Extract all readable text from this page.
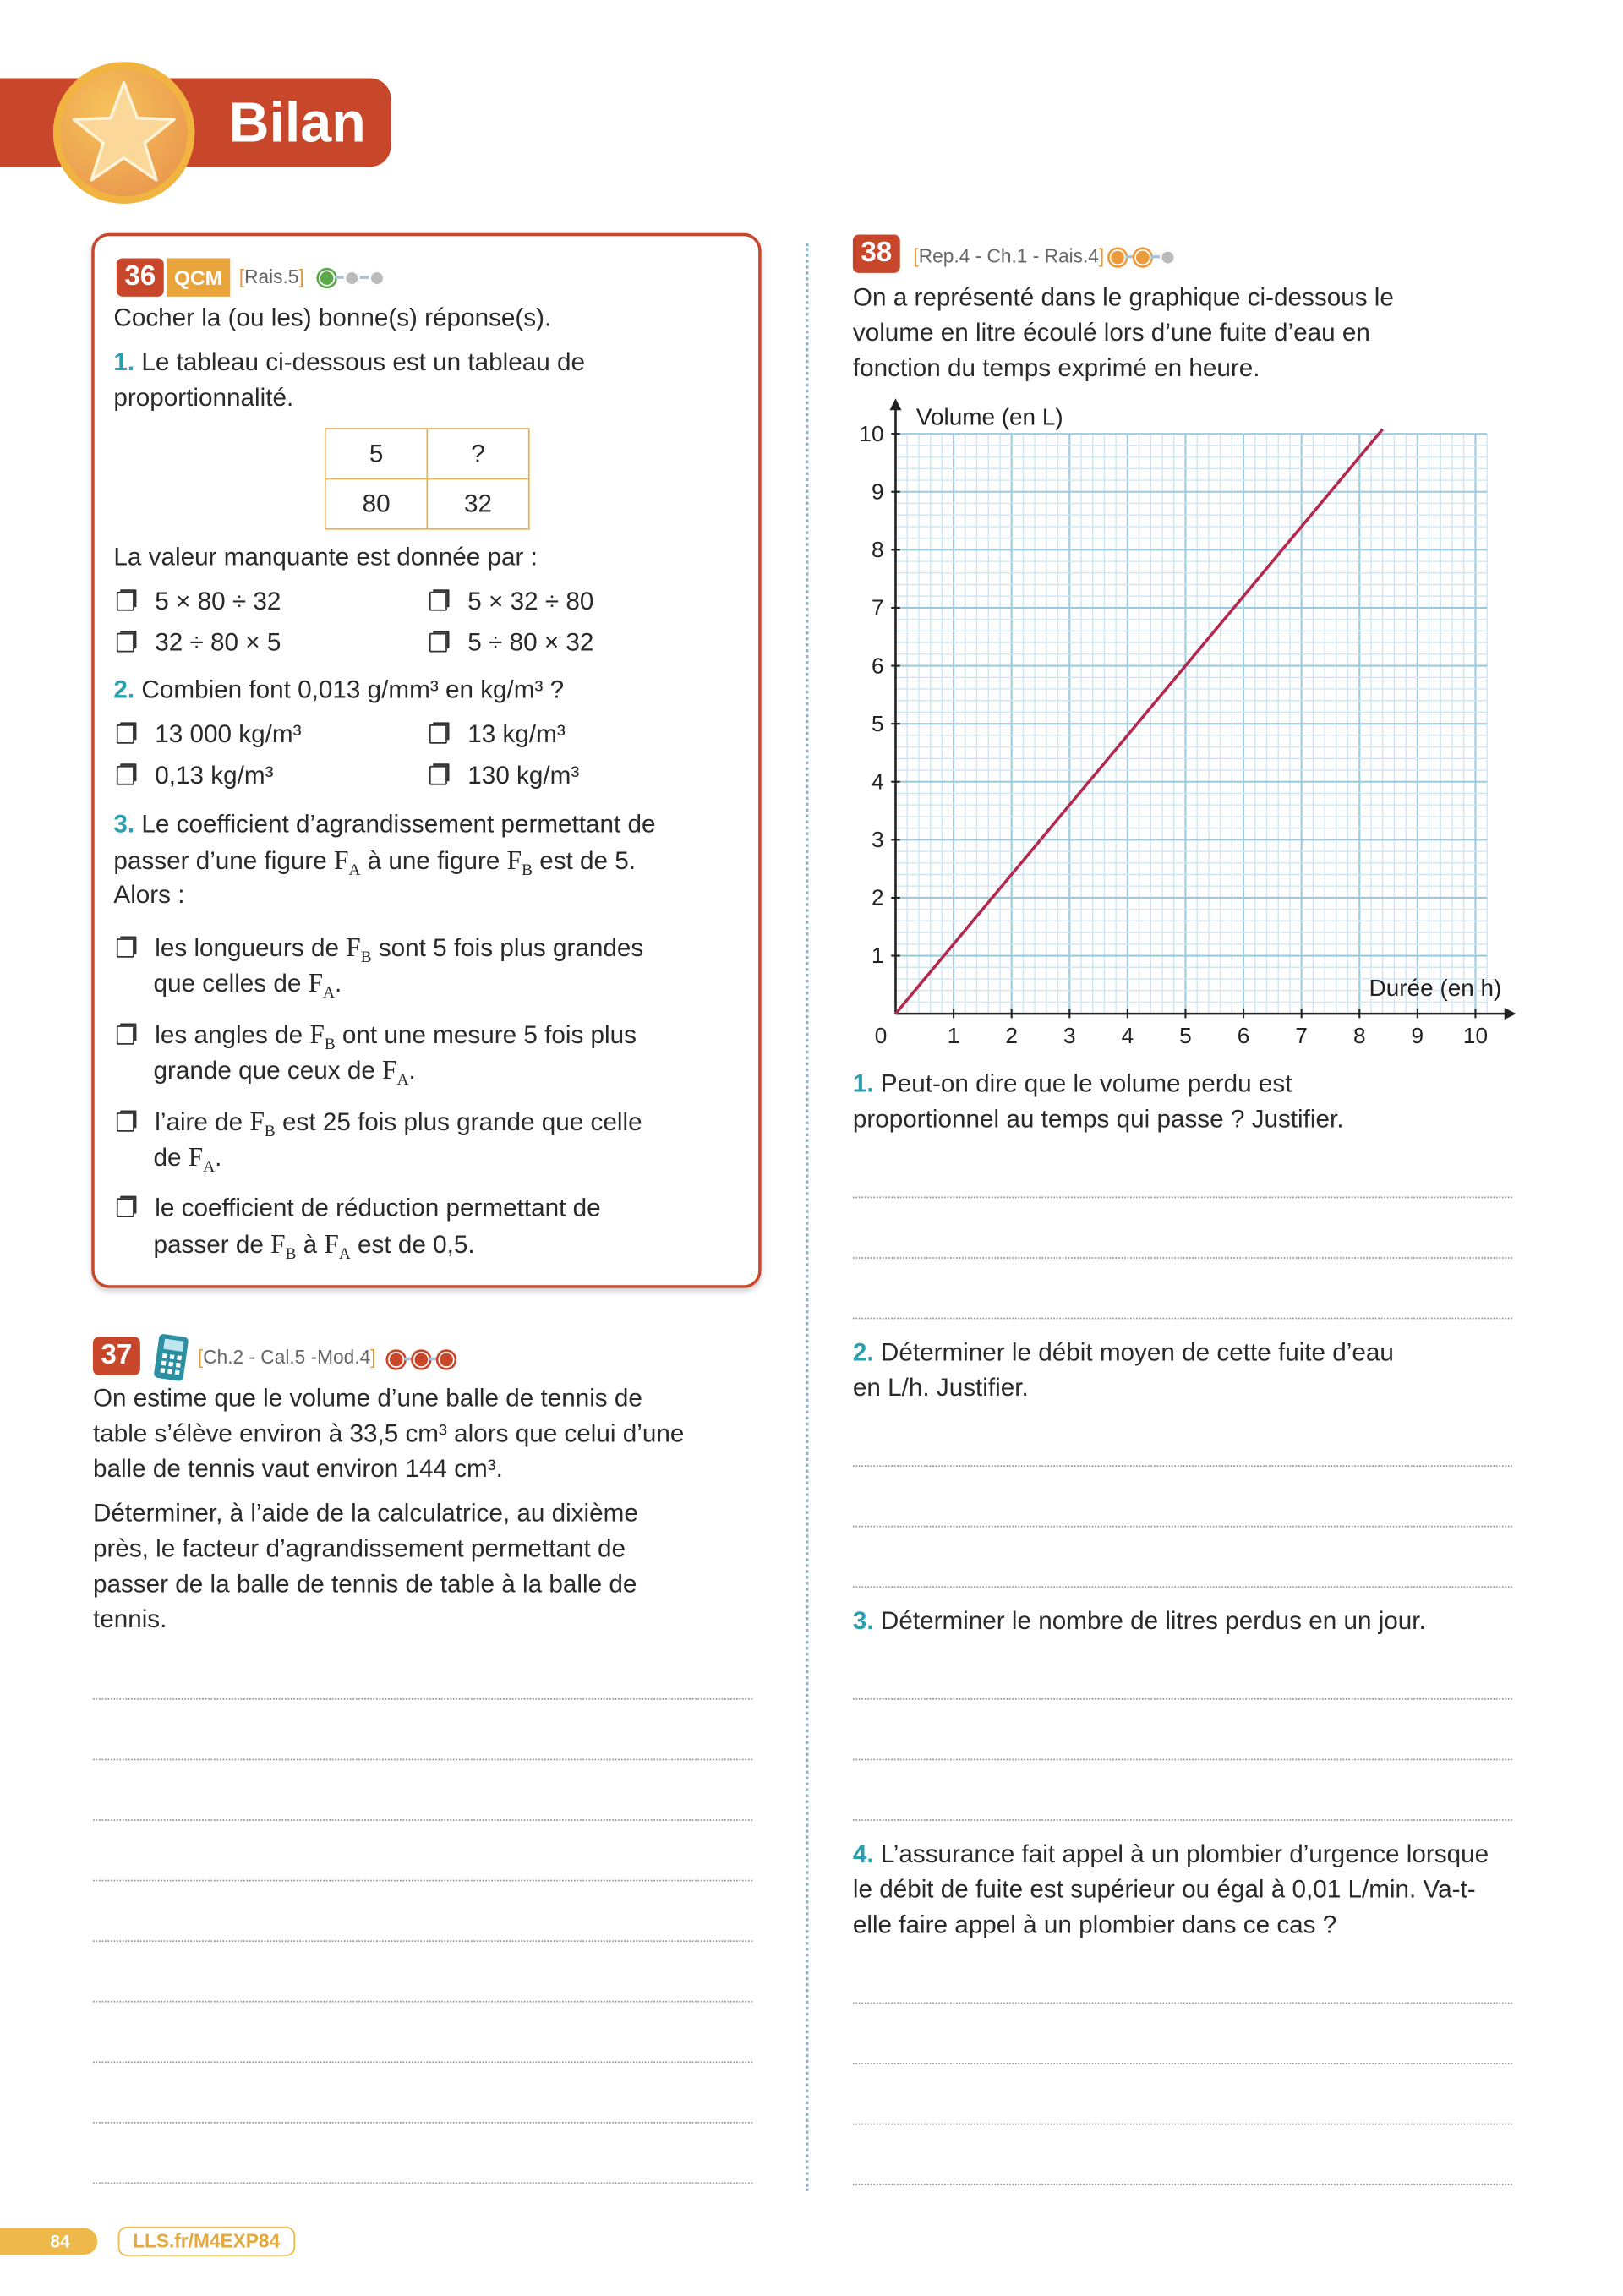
Bilan
36	QCM	[Rais.5]
Cocher la (ou les) bonne(s) réponse(s).
1. Le tableau ci-dessous est un tableau de
proportionnalité.
5	?
80	32
La valeur manquante est donnée par :
5 × 80 ÷ 32	5 × 32 ÷ 80
32 ÷ 80 × 5	5 ÷ 80 × 32
2. Combien font 0,013 g/mm³ en kg/m³ ?
13 000 kg/m³	13 kg/m³
0,13 kg/m³	130 kg/m³
3. Le coefficient d’agrandissement permettant de
passer d’une figure $F_A$ à une figure $F_B$ est de 5.
Alors :
les longueurs de $F_B$ sont 5 fois plus grandes
que celles de $F_A$.
les angles de $F_B$ ont une mesure 5 fois plus
grande que ceux de $F_A$.
l’aire de $F_B$ est 25 fois plus grande que celle
de $F_A$.
le coefficient de réduction permettant de
passer de $F_B$ à $F_A$ est de 0,5.
37	[Ch.2 - Cal.5 -Mod.4]
On estime que le volume d’une balle de tennis de
table s’élève environ à 33,5 cm³ alors que celui d’une
balle de tennis vaut environ 144 cm³.
Déterminer, à l’aide de la calculatrice, au dixième
près, le facteur d’agrandissement permettant de
passer de la balle de tennis de table à la balle de
tennis.
38	[Rep.4 - Ch.1 - Rais.4]
On a représenté dans le graphique ci-dessous le
volume en litre écoulé lors d’une fuite d’eau en
fonction du temps exprimé en heure.
1	2	3	4	5	6	7	8	9	10
1
2
3
4
5
6
7
8
9
10
0
Volume (en L)
Durée (en h)
1. Peut-on dire que le volume perdu est
proportionnel au temps qui passe ? Justifier.
2. Déterminer le débit moyen de cette fuite d’eau
en L/h. Justifier.
3. Déterminer le nombre de litres perdus en un jour.
4. L’assurance fait appel à un plombier d’urgence lorsque
le débit de fuite est supérieur ou égal à 0,01 L/min. Va-t-
elle faire appel à un plombier dans ce cas ?
84	LLS.fr/M4EXP84
